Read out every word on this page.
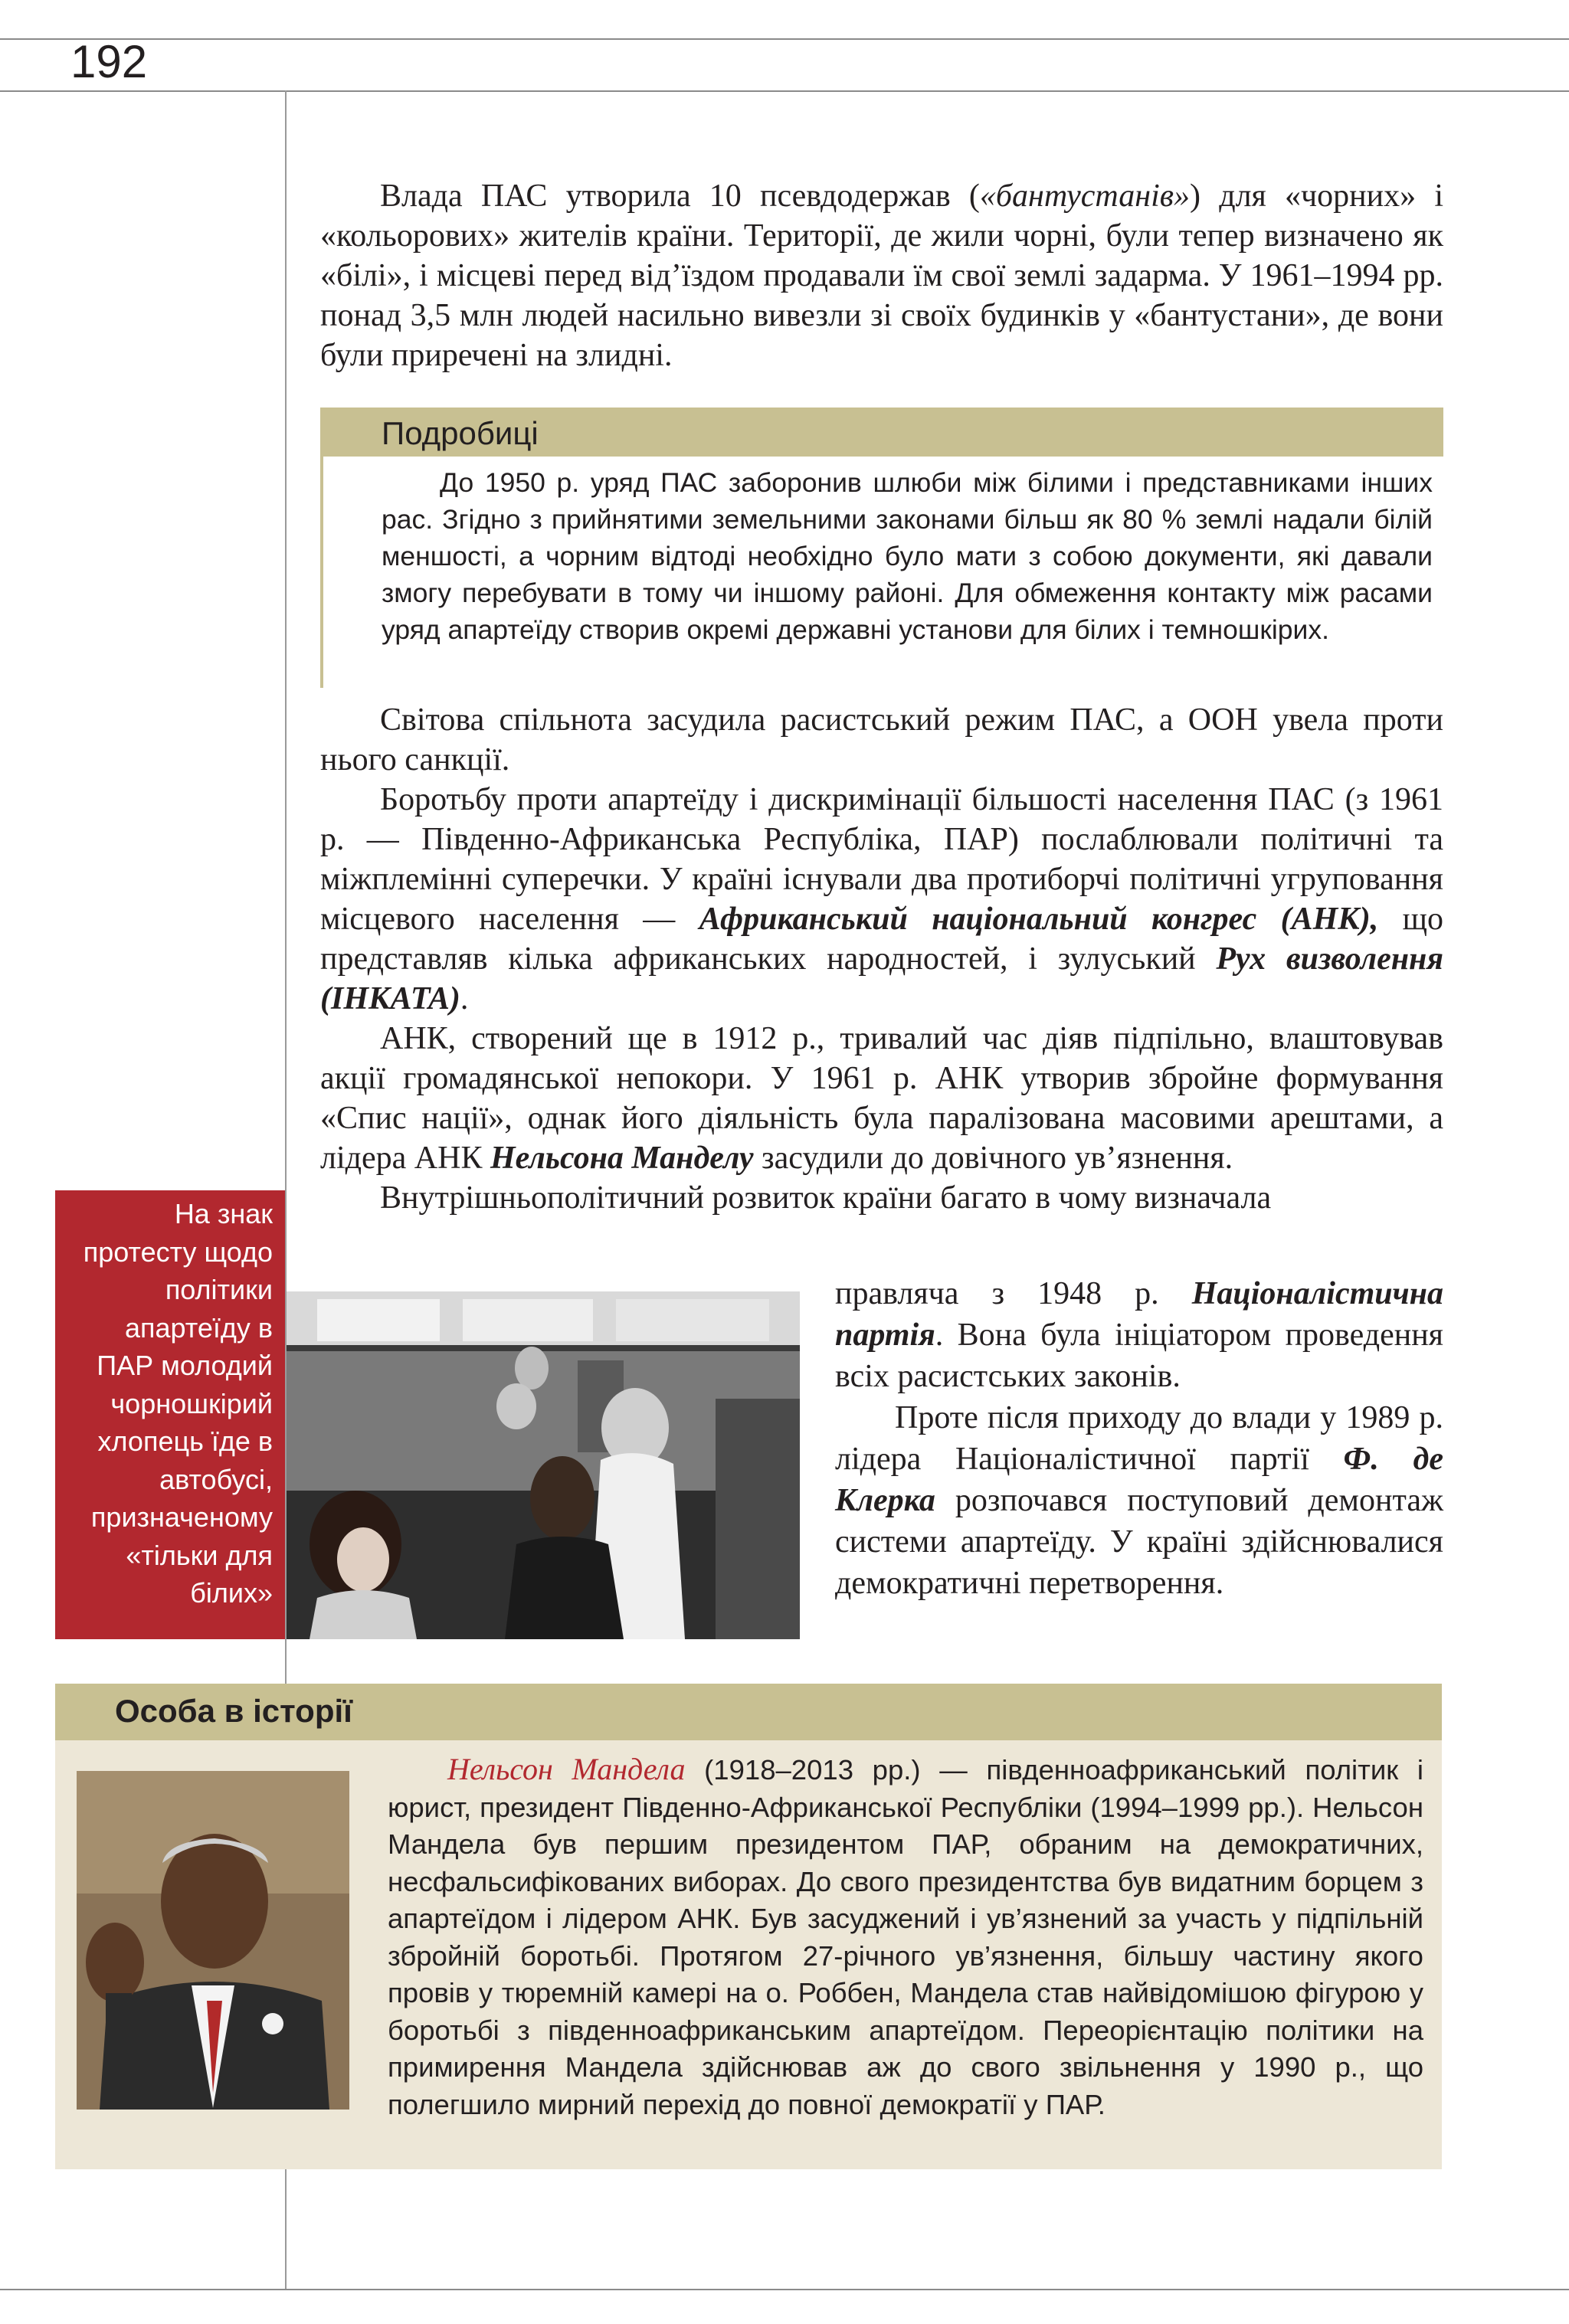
192

Влада ПАС утворила 10 псевдодержав («бантустанів») для «чорних» і «кольорових» жителів країни. Території, де жили чорні, були тепер визначено як «білі», і місцеві перед від’їздом продавали їм свої землі задарма. У 1961–1994 рр. понад 3,5 млн людей насильно вивезли зі своїх будинків у «бантустани», де вони були приречені на злидні.

Подробиці

До 1950 р. уряд ПАС заборонив шлюби між білими і представниками інших рас. Згідно з прийнятими земельними законами більш як 80 % землі надали білій меншості, а чорним відтоді необхідно було мати з собою документи, які давали змогу перебувати в тому чи іншому районі. Для обмеження контакту між расами уряд апартеїду створив окремі державні установи для білих і темношкірих.

Світова спільнота засудила расистський режим ПАС, а ООН увела проти нього санкції.

Боротьбу проти апартеїду і дискримінації більшості населення ПАС (з 1961 р. — Південно-Африканська Республіка, ПАР) послаблювали політичні та міжплемінні суперечки. У країні існували два протиборчі політичні угруповання місцевого населення — Африканський національний конгрес (АНК), що представляв кілька африканських народностей, і зулуський Рух визволення (ІНКАТА).

АНК, створений ще в 1912 р., тривалий час діяв підпільно, влаштовував акції громадянської непокори. У 1961 р. АНК утворив збройне формування «Спис нації», однак його діяльність була паралізована масовими арештами, а лідера АНК Нельсона Манделу засудили до довічного ув’язнення.

Внутрішньополітичний розвиток країни багато в чому визначала

На знак протесту щодо політики апартеїду в ПАР молодий чорношкірий хлопець їде в автобусі, призначеному «тільки для білих»

правляча з 1948 р. Націоналістична партія. Вона була ініціатором проведення всіх расистських законів.

Проте після приходу до влади у 1989 р. лідера Націоналістичної партії Ф. де Клерка розпочався поступовий демонтаж системи апартеїду. У країні здійснювалися демократичні перетворення.

Особа в історії

Нельсон Мандела (1918–2013 рр.) — південноафриканський політик і юрист, президент Південно-Африканської Республіки (1994–1999 рр.). Нельсон Мандела був першим президентом ПАР, обраним на демократичних, несфальсифікованих виборах. До свого президентства був видатним борцем з апартеїдом і лідером АНК. Був засуджений і ув’язнений за участь у підпільній збройній боротьбі. Протягом 27-річного ув’язнення, більшу частину якого провів у тюремній камері на о. Роббен, Мандела став найвідомішою фігурою у боротьбі з південноафриканським апартеїдом. Переорієнтацію політики на примирення Мандела здійснював аж до свого звільнення у 1990 р., що полегшило мирний перехід до повної демократії у ПАР.
